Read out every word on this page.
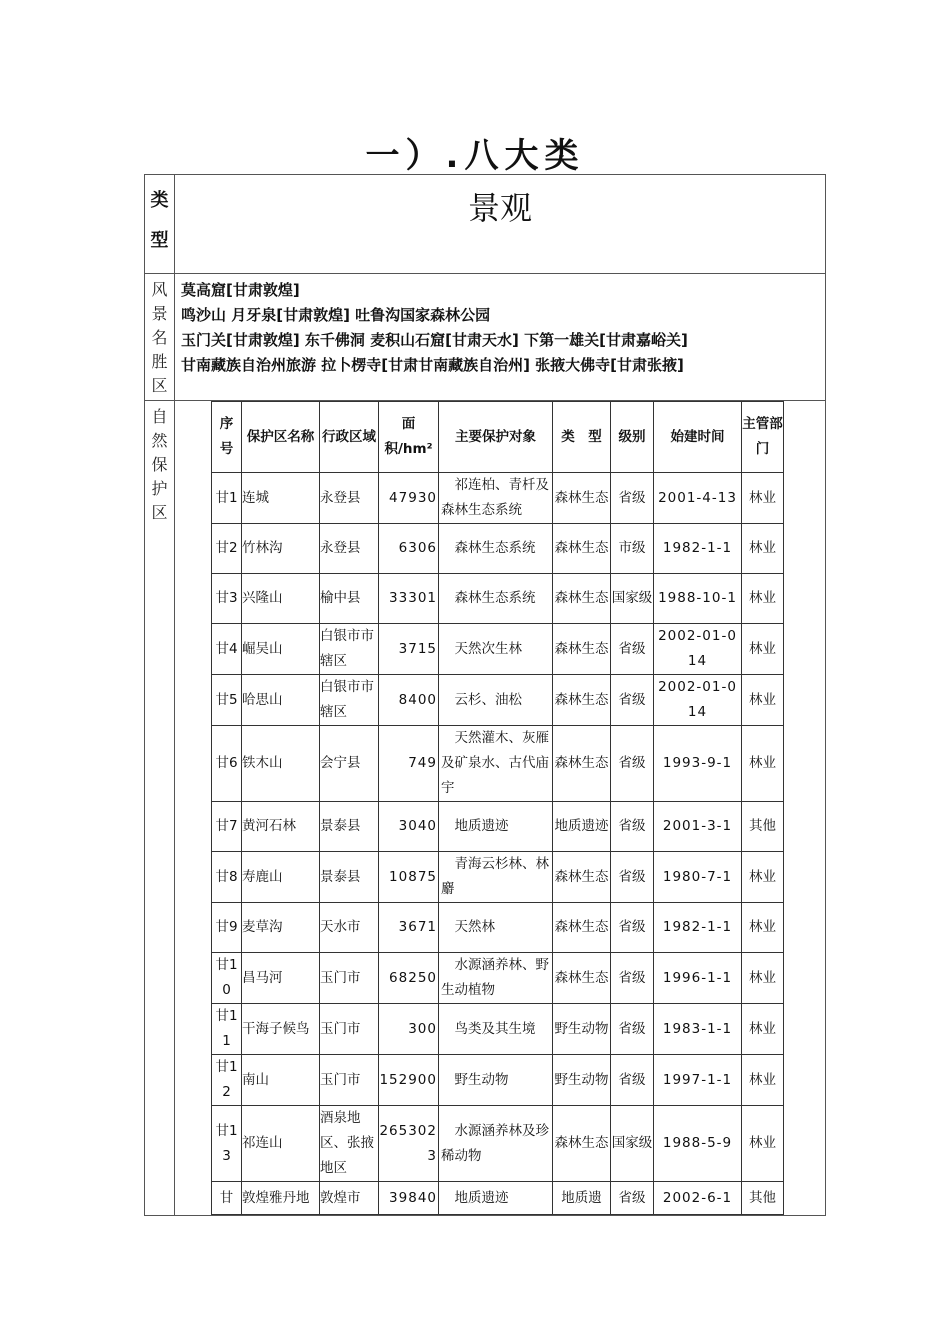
一）.八大类
类型
	景观

风景名胜区

莫高窟[甘肃敦煌]
鸣沙山 月牙泉[甘肃敦煌] 吐鲁沟国家森林公园
玉门关[甘肃敦煌] 东千佛洞 麦积山石窟[甘肃天水] 下第一雄关[甘肃嘉峪关]
甘南藏族自治州旅游 拉卜楞寺[甘肃甘南藏族自治州] 张掖大佛寺[甘肃张掖]

自然保护区

序号	保护区名称	行政区域	面积/hm²	主要保护对象	类　型	级别	始建时间	主管部门
甘1	连城	永登县	47930	　祁连柏、青杄及森林生态系统	森林生态	省级	2001-4-13	林业
甘2	竹林沟	永登县	6306	　森林生态系统	森林生态	市级	1982-1-1	林业
甘3	兴隆山	榆中县	33301	　森林生态系统	森林生态	国家级	1988-10-1	林业
甘4	崛吴山	白银市市辖区	3715	　天然次生林	森林生态	省级	2002-01-014	林业
甘5	哈思山	白银市市辖区	8400	　云杉、油松	森林生态	省级	2002-01-014	林业
甘6	铁木山	会宁县	749	　天然灌木、灰雁及矿泉水、古代庙宇	森林生态	省级	1993-9-1	林业
甘7	黄河石林	景泰县	3040	　地质遗迹	地质遗迹	省级	2001-3-1	其他
甘8	寿鹿山	景泰县	10875	　青海云杉林、林麝	森林生态	省级	1980-7-1	林业
甘9	麦草沟	天水市	3671	　天然林	森林生态	省级	1982-1-1	林业
甘10	昌马河	玉门市	68250	　水源涵养林、野生动植物	森林生态	省级	1996-1-1	林业
甘11	干海子候鸟	玉门市	300	　鸟类及其生境	野生动物	省级	1983-1-1	林业
甘12	南山	玉门市	152900	　野生动物	野生动物	省级	1997-1-1	林业
甘13	祁连山	酒泉地区、张掖地区	2653023	　水源涵养林及珍稀动物	森林生态	国家级	1988-5-9	林业
甘	敦煌雅丹地	敦煌市	39840	　地质遗迹	地质遗	省级	2002-6-1	其他
